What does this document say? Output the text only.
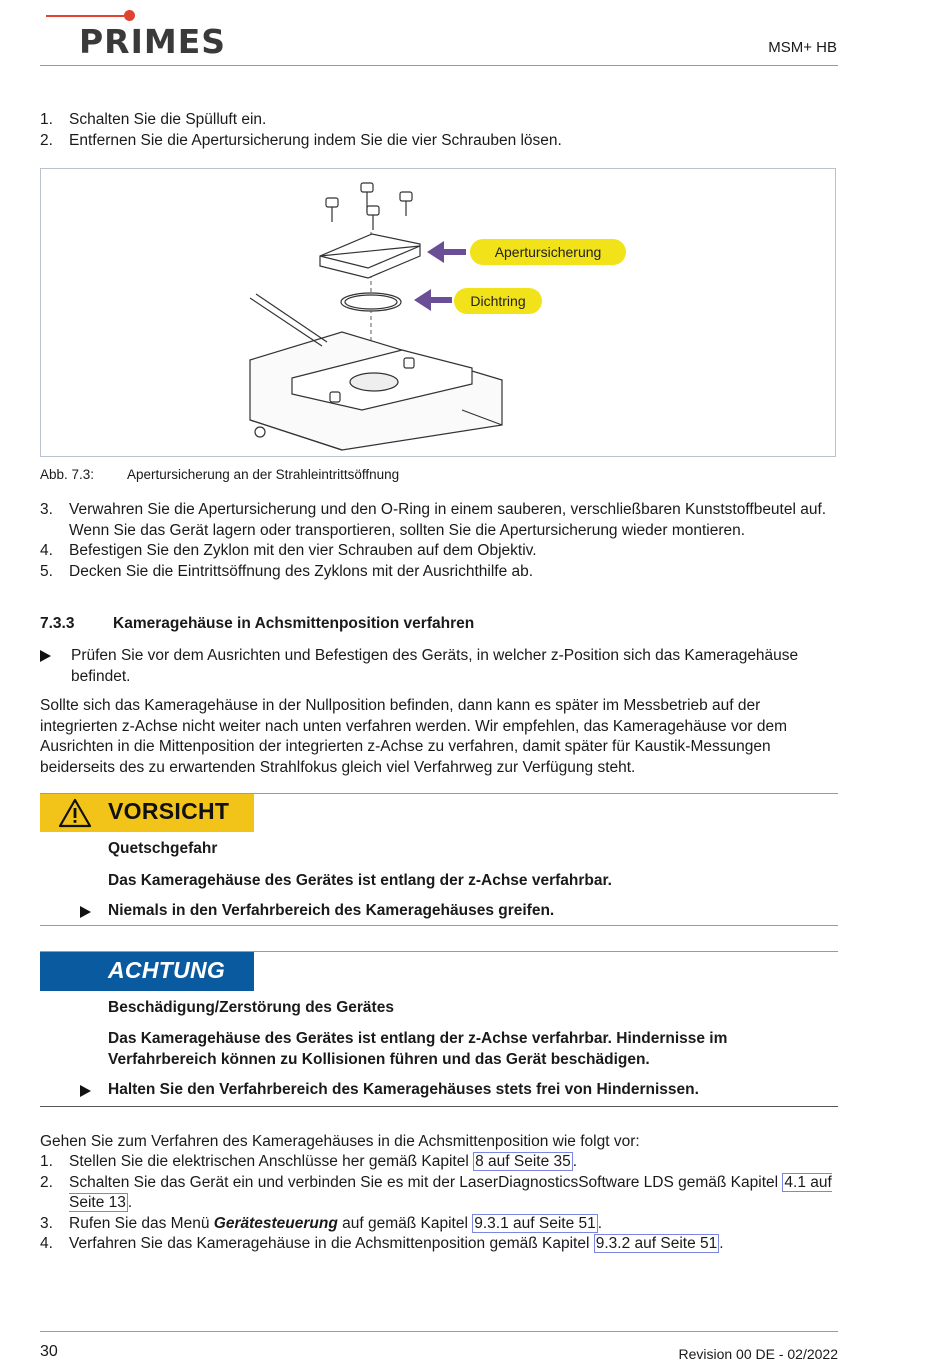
PRIMES	MSM+ HB
1.	Schalten Sie die Spülluft ein.
2.	Entfernen Sie die Apertursicherung indem Sie die vier Schrauben lösen.
Apertursicherung
Dichtring
Abb. 7.3: Apertursicherung an der Strahleintrittsöffnung
3.	Verwahren Sie die Apertursicherung und den O-Ring in einem sauberen, verschließbaren Kunststoffbeutel auf. Wenn Sie das Gerät lagern oder transportieren, sollten Sie die Apertursicherung wieder montieren.
4.	Befestigen Sie den Zyklon mit den vier Schrauben auf dem Objektiv.
5.	Decken Sie die Eintrittsöffnung des Zyklons mit der Ausrichthilfe ab.
7.3.3 Kameragehäuse in Achsmittenposition verfahren
Prüfen Sie vor dem Ausrichten und Befestigen des Geräts, in welcher z-Position sich das Kameragehäuse befindet.
Sollte sich das Kameragehäuse in der Nullposition befinden, dann kann es später im Messbetrieb auf der integrierten z-Achse nicht weiter nach unten verfahren werden. Wir empfehlen, das Kameragehäuse vor dem Ausrichten in die Mittenposition der integrierten z-Achse zu verfahren, damit später für Kaustik-Messungen beiderseits des zu erwartenden Strahlfokus gleich viel Verfahrweg zur Verfügung steht.
VORSICHT
Quetschgefahr
Das Kameragehäuse des Gerätes ist entlang der z-Achse verfahrbar.
Niemals in den Verfahrbereich des Kameragehäuses greifen.
ACHTUNG
Beschädigung/Zerstörung des Gerätes
Das Kameragehäuse des Gerätes ist entlang der z-Achse verfahrbar. Hindernisse im Verfahrbereich können zu Kollisionen führen und das Gerät beschädigen.
Halten Sie den Verfahrbereich des Kameragehäuses stets frei von Hindernissen.
Gehen Sie zum Verfahren des Kameragehäuses in die Achsmittenposition wie folgt vor:
1.	Stellen Sie die elektrischen Anschlüsse her gemäß Kapitel 8 auf Seite 35 .
2.	Schalten Sie das Gerät ein und verbinden Sie es mit der LaserDiagnosticsSoftware LDS gemäß Kapitel 4.1 auf Seite 13 .
3.	Rufen Sie das Menü Gerätesteuerung auf gemäß Kapitel 9.3.1 auf Seite 51 .
4.	Verfahren Sie das Kameragehäuse in die Achsmittenposition gemäß Kapitel 9.3.2 auf Seite 51 .
30	Revision 00 DE - 02/2022
